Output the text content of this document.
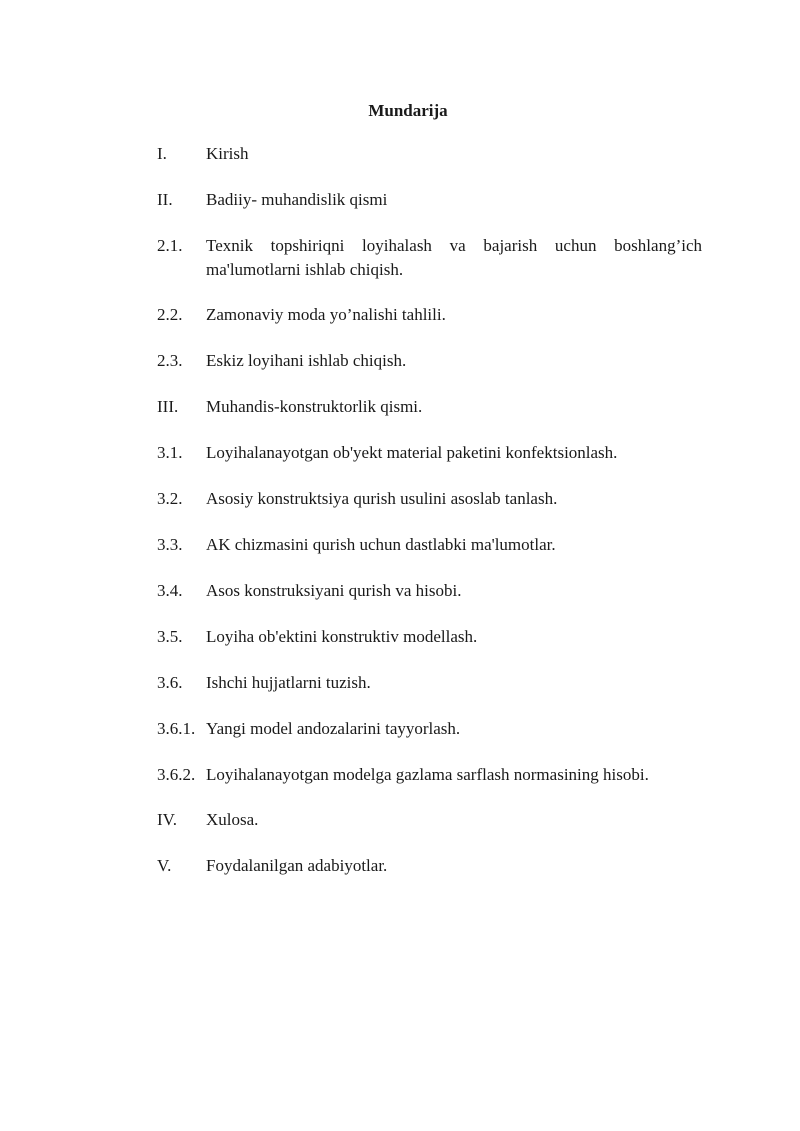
Mundarija
I.	Kirish
II.	Badiiy- muhandislik qismi
2.1.	Texnik topshiriqni loyihalash va bajarish uchun boshlang’ich ma'lumotlarni ishlab chiqish.
2.2.	Zamonaviy moda yo’nalishi tahlili.
2.3.	Eskiz loyihani ishlab chiqish.
III.	Muhandis-konstruktorlik qismi.
3.1.	Loyihalanayotgan ob'yekt material paketini konfektsionlash.
3.2.	Asosiy konstruktsiya qurish usulini asoslab tanlash.
3.3.	AK chizmasini qurish uchun dastlabki ma'lumotlar.
3.4.	Asos konstruksiyani qurish va hisobi.
3.5.	Loyiha ob'ektini konstruktiv modellash.
3.6.	Ishchi hujjatlarni tuzish.
3.6.1. Yangi model andozalarini tayyorlash.
3.6.2. Loyihalanayotgan modelga gazlama sarflash normasining hisobi.
IV.	Xulosa.
V.	Foydalanilgan adabiyotlar.
